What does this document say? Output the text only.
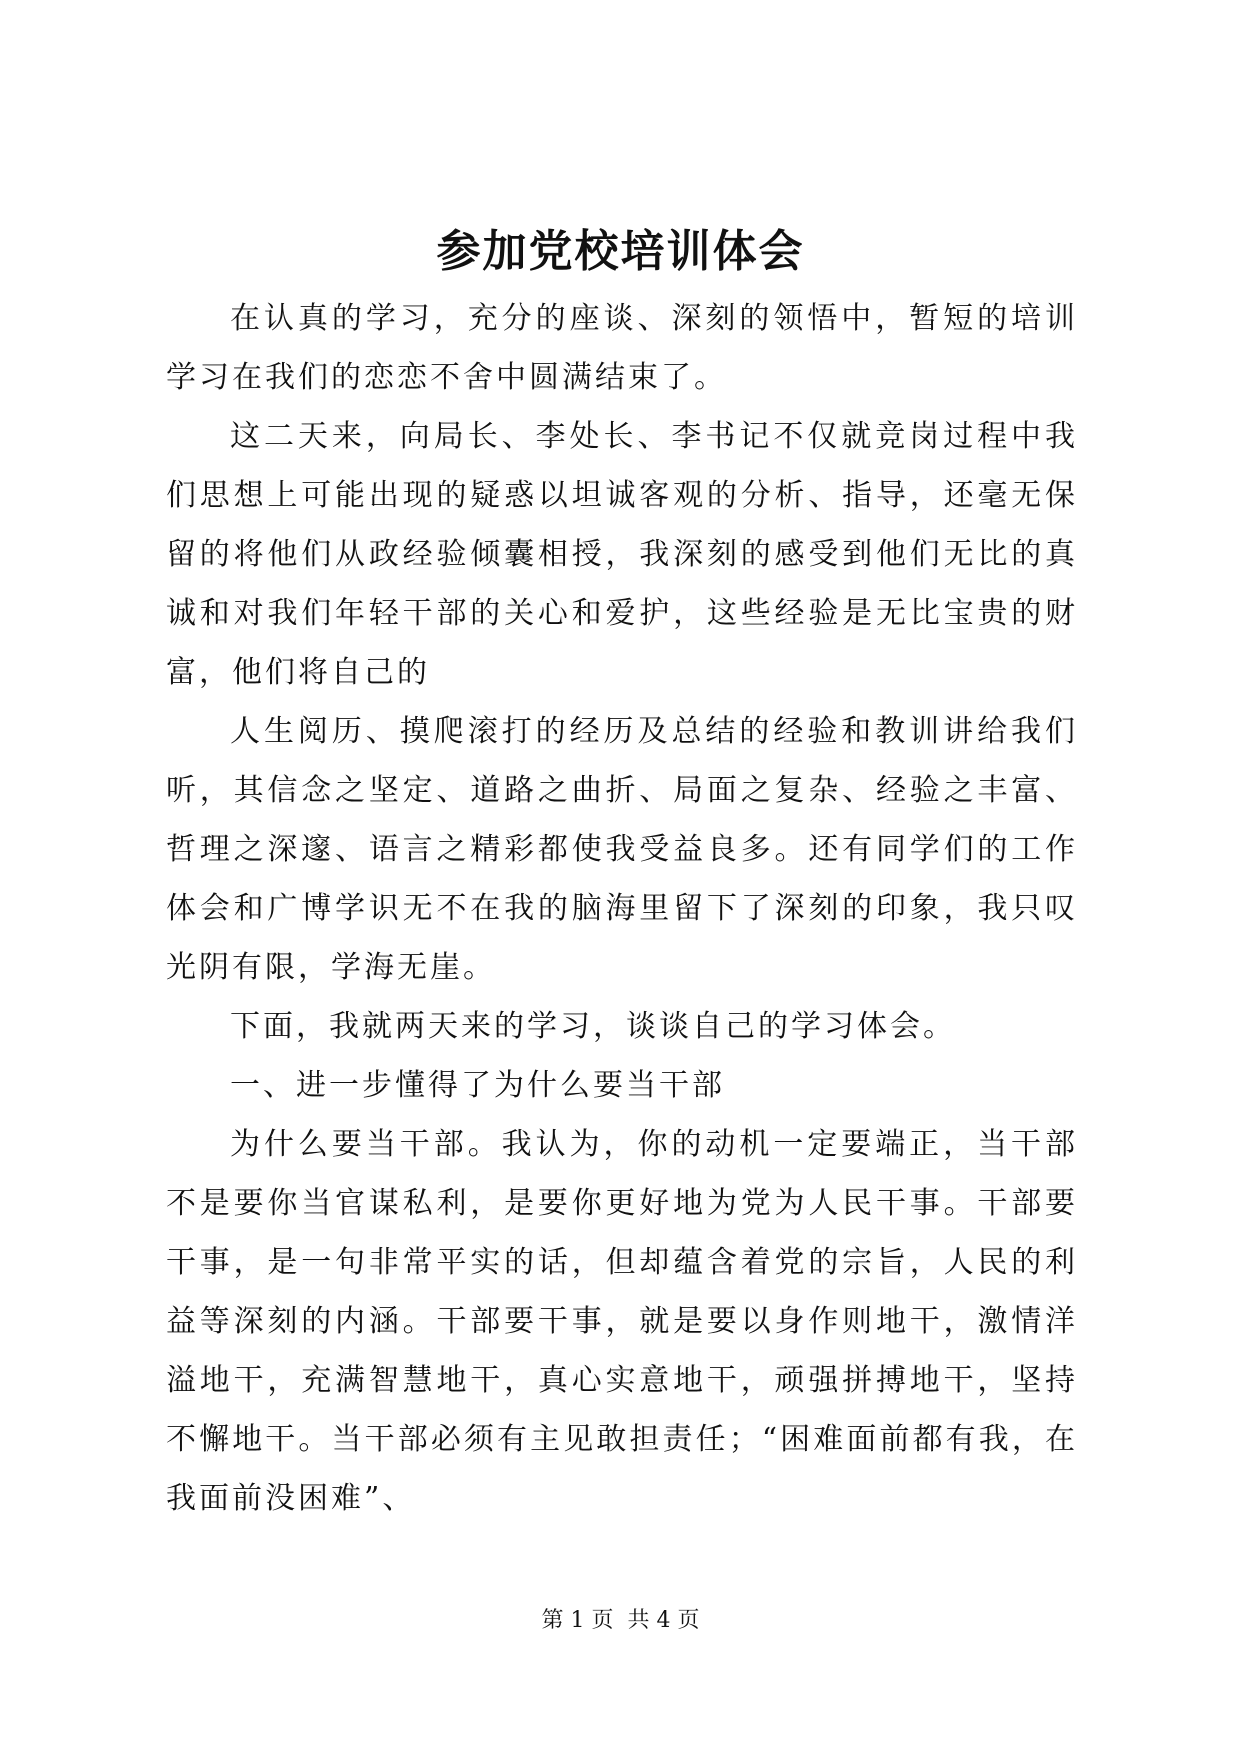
参加党校培训体会

在认真的学习，充分的座谈、深刻的领悟中，暂短的培训学习在我们的恋恋不舍中圆满结束了。

这二天来，向局长、李处长、李书记不仅就竞岗过程中我们思想上可能出现的疑惑以坦诚客观的分析、指导，还毫无保留的将他们从政经验倾囊相授，我深刻的感受到他们无比的真诚和对我们年轻干部的关心和爱护，这些经验是无比宝贵的财富，他们将自己的

人生阅历、摸爬滚打的经历及总结的经验和教训讲给我们听，其信念之坚定、道路之曲折、局面之复杂、经验之丰富、哲理之深邃、语言之精彩都使我受益良多。还有同学们的工作体会和广博学识无不在我的脑海里留下了深刻的印象，我只叹光阴有限，学海无崖。

下面，我就两天来的学习，谈谈自己的学习体会。

一、进一步懂得了为什么要当干部

为什么要当干部。我认为，你的动机一定要端正，当干部不是要你当官谋私利，是要你更好地为党为人民干事。干部要干事，是一句非常平实的话，但却蕴含着党的宗旨，人民的利益等深刻的内涵。干部要干事，就是要以身作则地干，激情洋溢地干，充满智慧地干，真心实意地干，顽强拼搏地干，坚持不懈地干。当干部必须有主见敢担责任；“困难面前都有我，在我面前没困难”、

第 1 页  共 4 页
